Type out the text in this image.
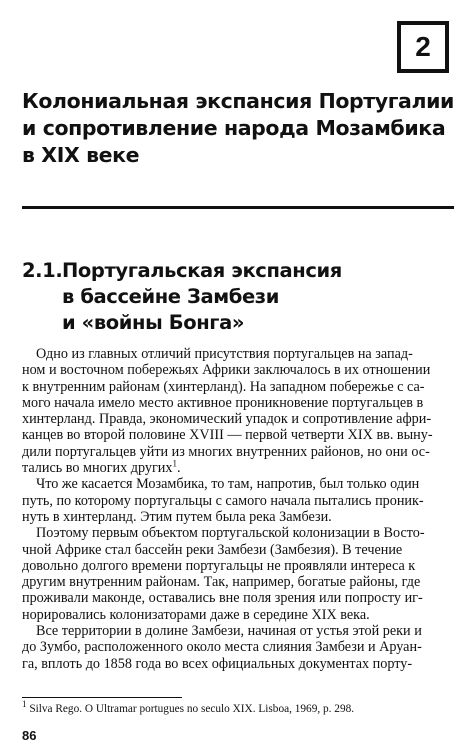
2
Колониальная экспансия Португалии
и сопротивление народа Мозамбика
в XIX веке
2.1.Португальская экспансия
в бассейне Замбези
и «войны Бонга»

Одно из главных отличий присутствия португальцев на запад-
ном и восточном побережьях Африки заключалось в их отношении
к внутренним районам (хинтерланд). На западном побережье с са-
мого начала имело место активное проникновение португальцев в
хинтерланд. Правда, экономический упадок и сопротивление афри-
канцев во второй половине XVIII — первой четверти XIX вв. выну-
дили португальцев уйти из многих внутренних районов, но они ос-
тались во многих других$^1$.

Что же касается Мозамбика, то там, напротив, был только один
путь, по которому португальцы с самого начала пытались проник-
нуть в хинтерланд. Этим путем была река Замбези.

Поэтому первым объектом португальской колонизации в Восто-
чной Африке стал бассейн реки Замбези (Замбезия). В течение
довольно долгого времени португальцы не проявляли интереса к
другим внутренним районам. Так, например, богатые районы, где
проживали маконде, оставались вне поля зрения или попросту иг-
норировались колонизаторами даже в середине XIX века.

Все территории в долине Замбези, начиная от устья этой реки и
до Зумбо, расположенного около места слияния Замбези и Аруан-
га, вплоть до 1858 года во всех официальных документах порту-

$^1$ Silva Rego. O Ultramar portugues no seculo XIX. Lisboa, 1969, p. 298.
86
